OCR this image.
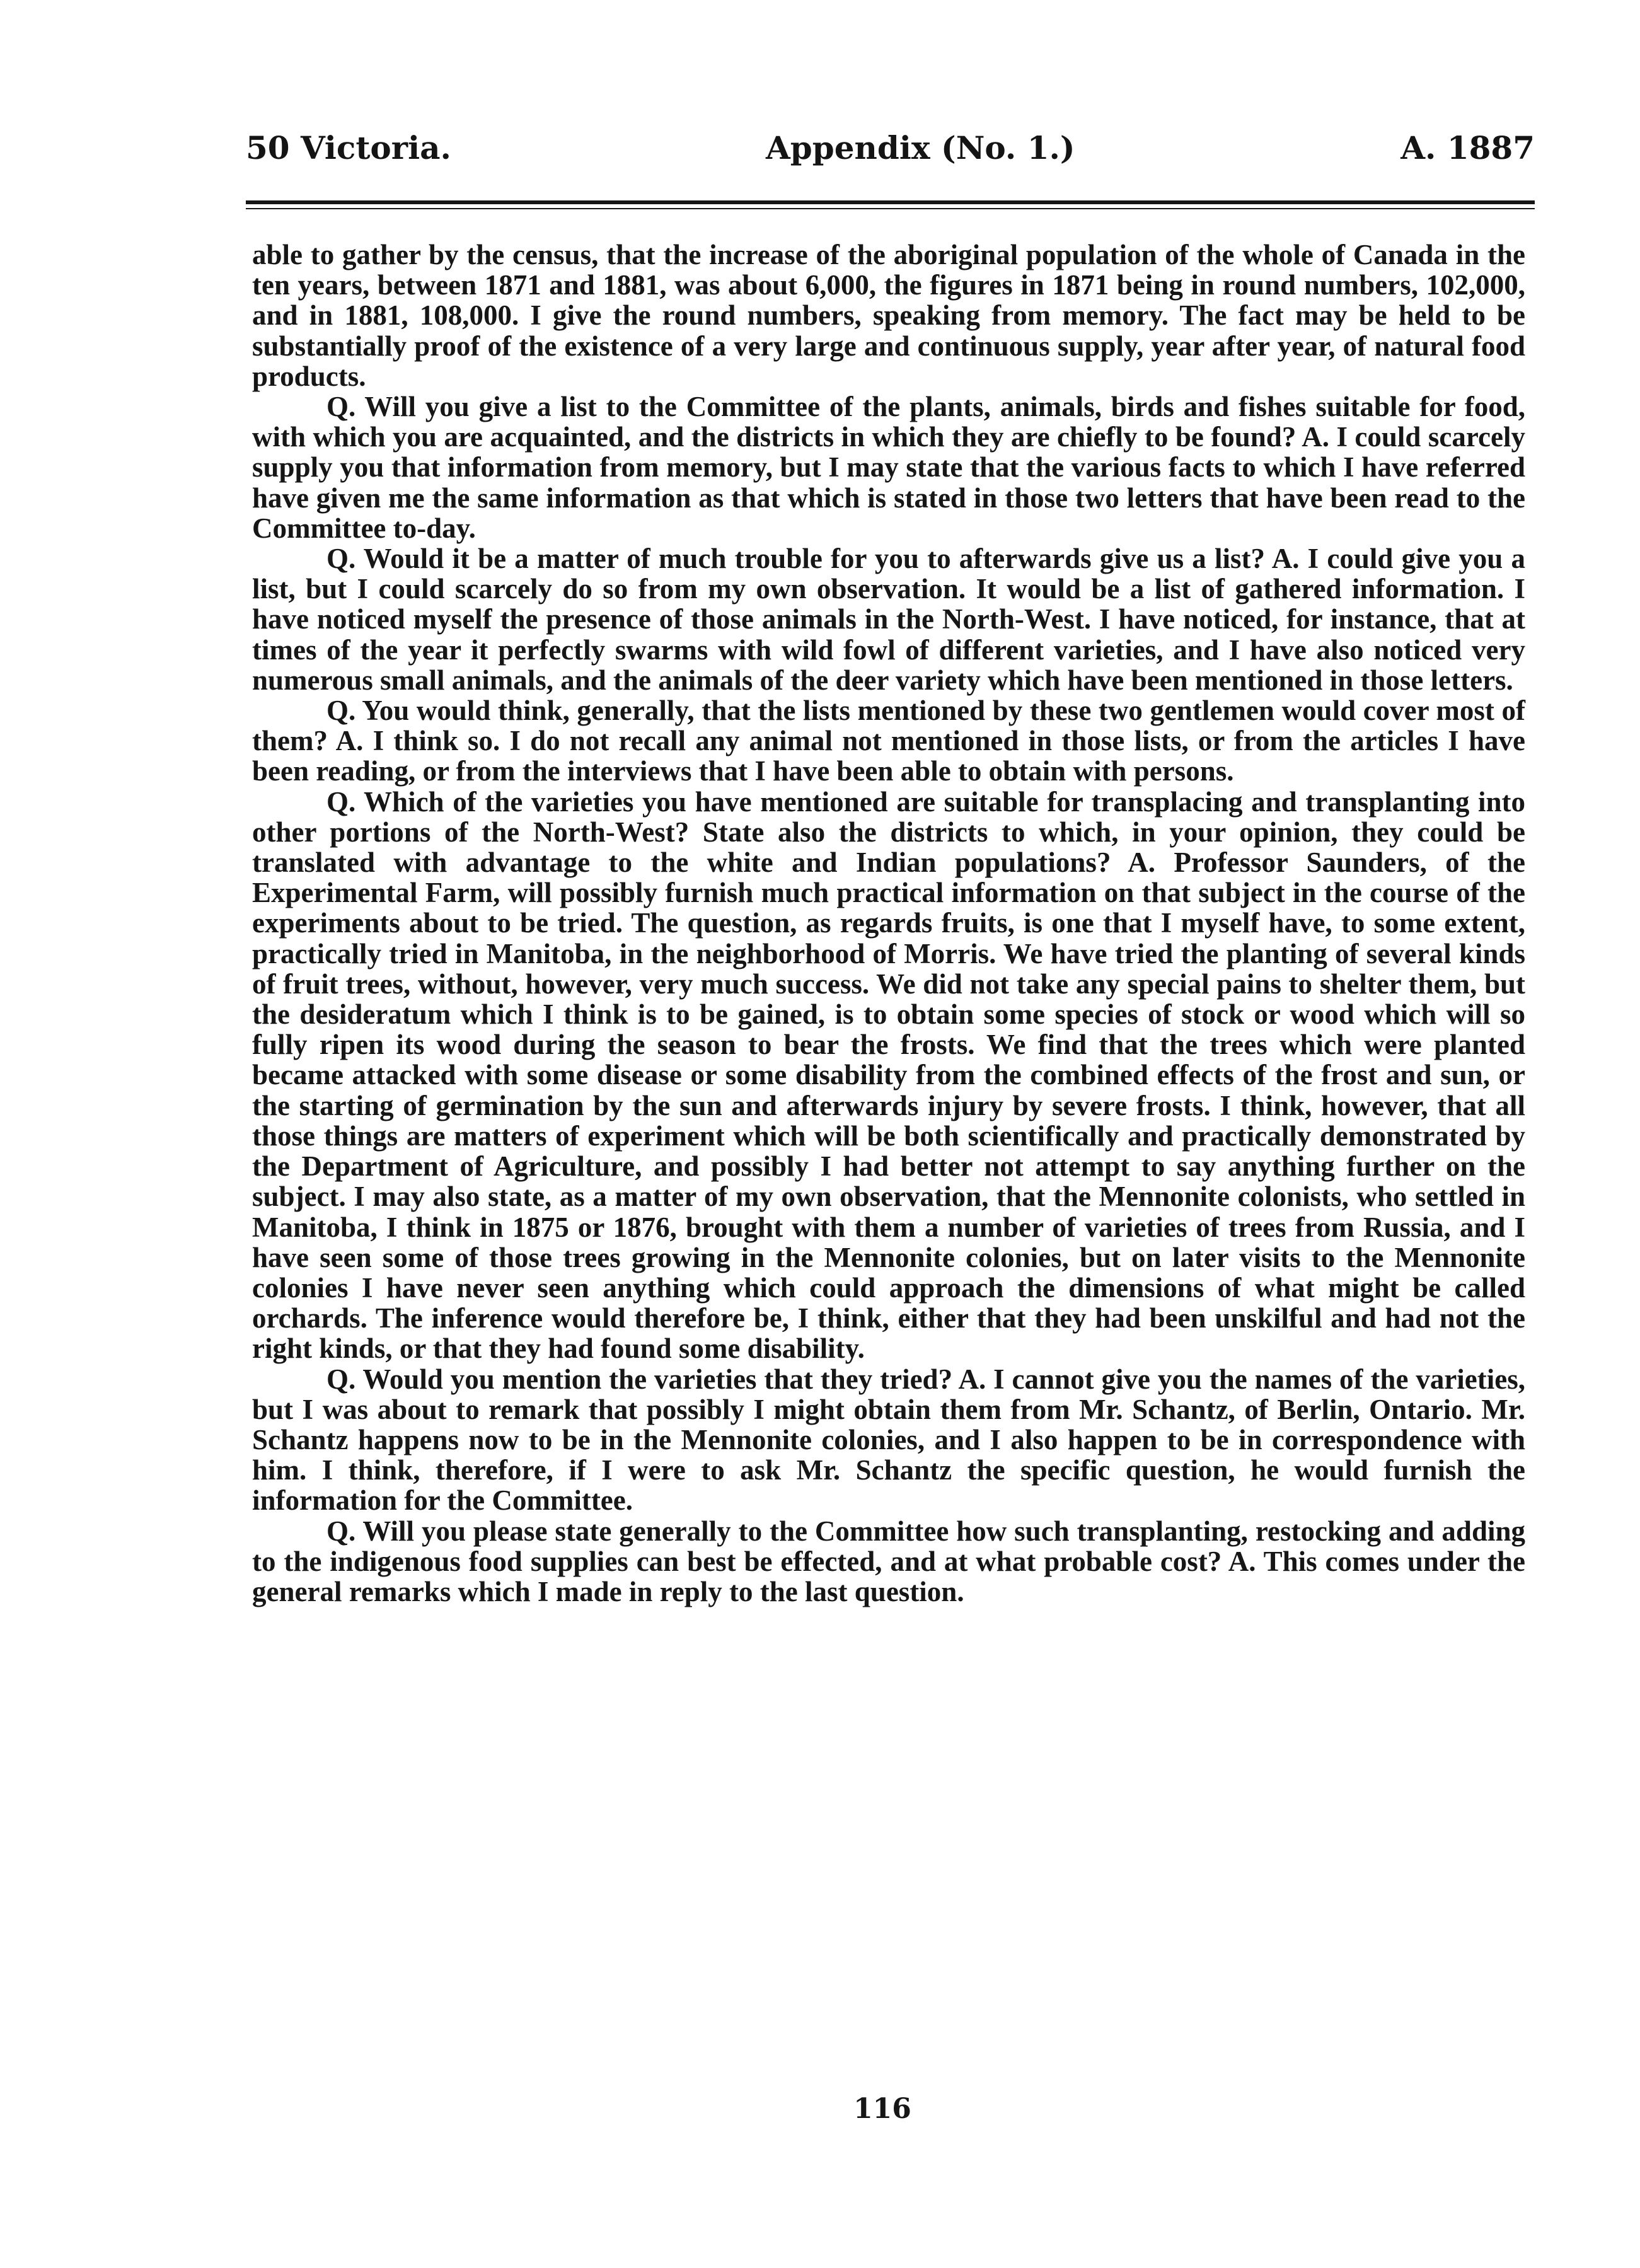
50 Victoria.	Appendix (No. 1.)	A. 1887

able to gather by the census, that the increase of the aboriginal population of the whole of Canada in the ten years, between 1871 and 1881, was about 6,000, the figures in 1871 being in round numbers, 102,000, and in 1881, 108,000. I give the round numbers, speaking from memory. The fact may be held to be substantially proof of the existence of a very large and continuous supply, year after year, of natural food products.

Q. Will you give a list to the Committee of the plants, animals, birds and fishes suitable for food, with which you are acquainted, and the districts in which they are chiefly to be found? A. I could scarcely supply you that information from memory, but I may state that the various facts to which I have referred have given me the same information as that which is stated in those two letters that have been read to the Committee to-day.

Q. Would it be a matter of much trouble for you to afterwards give us a list? A. I could give you a list, but I could scarcely do so from my own observation. It would be a list of gathered information. I have noticed myself the presence of those animals in the North-West. I have noticed, for instance, that at times of the year it perfectly swarms with wild fowl of different varieties, and I have also noticed very numerous small animals, and the animals of the deer variety which have been mentioned in those letters.

Q. You would think, generally, that the lists mentioned by these two gentlemen would cover most of them? A. I think so. I do not recall any animal not mentioned in those lists, or from the articles I have been reading, or from the interviews that I have been able to obtain with persons.

Q. Which of the varieties you have mentioned are suitable for transplacing and transplanting into other portions of the North-West? State also the districts to which, in your opinion, they could be translated with advantage to the white and Indian populations? A. Professor Saunders, of the Experimental Farm, will possibly furnish much practical information on that subject in the course of the experiments about to be tried. The question, as regards fruits, is one that I myself have, to some extent, practically tried in Manitoba, in the neighborhood of Morris. We have tried the planting of several kinds of fruit trees, without, however, very much success. We did not take any special pains to shelter them, but the desideratum which I think is to be gained, is to obtain some species of stock or wood which will so fully ripen its wood during the season to bear the frosts. We find that the trees which were planted became attacked with some disease or some disability from the combined effects of the frost and sun, or the starting of germination by the sun and afterwards injury by severe frosts. I think, however, that all those things are matters of experiment which will be both scientifically and practically demonstrated by the Department of Agriculture, and possibly I had better not attempt to say anything further on the subject. I may also state, as a matter of my own observation, that the Mennonite colonists, who settled in Manitoba, I think in 1875 or 1876, brought with them a number of varieties of trees from Russia, and I have seen some of those trees growing in the Mennonite colonies, but on later visits to the Mennonite colonies I have never seen anything which could approach the dimensions of what might be called orchards. The inference would therefore be, I think, either that they had been unskilful and had not the right kinds, or that they had found some disability.

Q. Would you mention the varieties that they tried? A. I cannot give you the names of the varieties, but I was about to remark that possibly I might obtain them from Mr. Schantz, of Berlin, Ontario. Mr. Schantz happens now to be in the Mennonite colonies, and I also happen to be in correspondence with him. I think, therefore, if I were to ask Mr. Schantz the specific question, he would furnish the information for the Committee.

Q. Will you please state generally to the Committee how such transplanting, restocking and adding to the indigenous food supplies can best be effected, and at what probable cost? A. This comes under the general remarks which I made in reply to the last question.

116
